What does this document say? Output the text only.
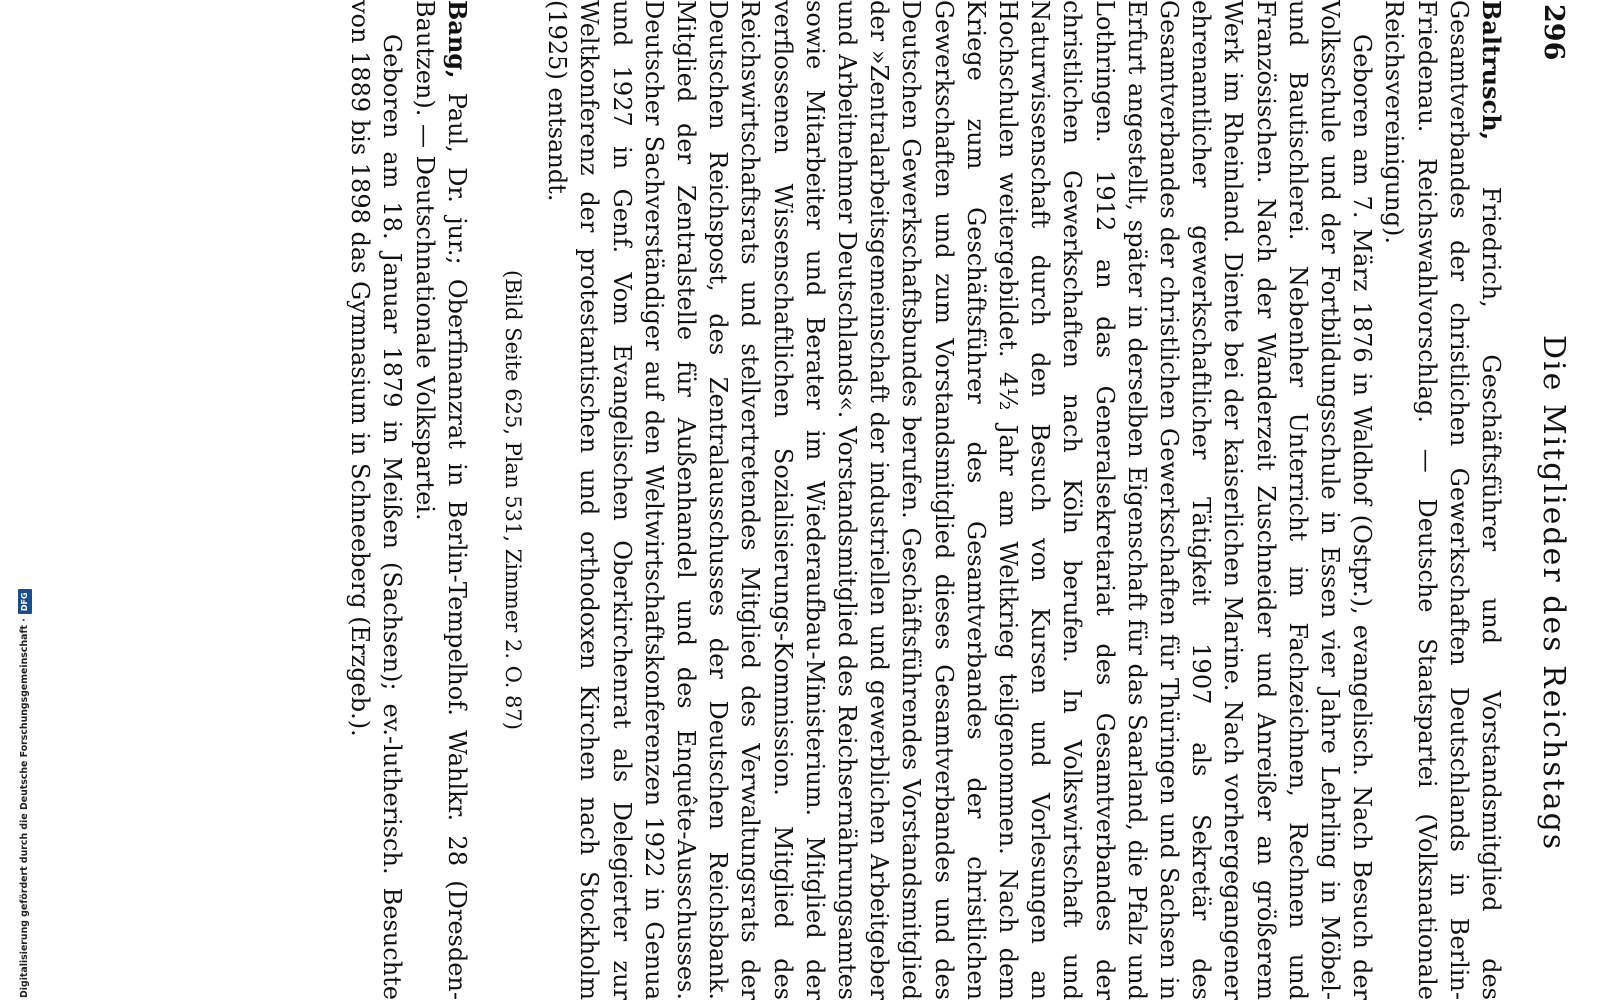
296
Die Mitglieder des Reichstags

Baltrusch, Friedrich, Geschäftsführer und Vorstandsmitglied des Gesamtverbandes der christlichen Gewerkschaften Deutschlands in Berlin-Friedenau. Reichswahlvorschlag. — Deutsche Staatspartei (Volksnationale Reichsvereinigung).

Geboren am 7. März 1876 in Waldhof (Ostpr.), evangelisch. Nach Besuch der Volksschule und der Fortbildungsschule in Essen vier Jahre Lehrling in Möbel- und Bautischlerei. Nebenher Unterricht im Fachzeichnen, Rechnen und Französischen. Nach der Wanderzeit Zuschneider und Anreißer an größerem Werk im Rheinland. Diente bei der kaiserlichen Marine. Nach vorhergegangener ehrenamtlicher gewerkschaftlicher Tätigkeit 1907 als Sekretär des Gesamtverbandes der christlichen Gewerkschaften für Thüringen und Sachsen in Erfurt angestellt, später in derselben Eigenschaft für das Saarland, die Pfalz und Lothringen. 1912 an das Generalsekretariat des Gesamtverbandes der christlichen Gewerkschaften nach Köln berufen. In Volkswirtschaft und Naturwissenschaft durch den Besuch von Kursen und Vorlesungen an Hochschulen weitergebildet. 4½ Jahr am Weltkrieg teilgenommen. Nach dem Kriege zum Geschäftsführer des Gesamtverbandes der christlichen Gewerkschaften und zum Vorstandsmitglied dieses Gesamtverbandes und des Deutschen Gewerkschaftsbundes berufen. Geschäftsführendes Vorstandsmitglied der »Zentralarbeitsgemeinschaft der industriellen und gewerblichen Arbeitgeber und Arbeitnehmer Deutschlands«. Vorstandsmitglied des Reichsernährungsamtes sowie Mitarbeiter und Berater im Wiederaufbau-Ministerium. Mitglied der verflossenen Wissenschaftlichen Sozialisierungs-Kommission. Mitglied des Reichswirtschaftsrats und stellvertretendes Mitglied des Verwaltungsrats der Deutschen Reichspost, des Zentralausschusses der Deutschen Reichsbank. Mitglied der Zentralstelle für Außenhandel und des Enquête-Ausschusses. Deutscher Sachverständiger auf den Weltwirtschaftskonferenzen 1922 in Genua und 1927 in Genf. Vom Evangelischen Oberkirchenrat als Delegierter zur Weltkonferenz der protestantischen und orthodoxen Kirchen nach Stockholm (1925) entsandt.

(Bild Seite 625, Plan 531, Zimmer 2. O. 87)

Bang, Paul, Dr. jur.; Oberfinanzrat in Berlin-Tempelhof. Wahlkr. 28 (Dresden-Bautzen). — Deutschnationale Volkspartei.

Geboren am 18. Januar 1879 in Meißen (Sachsen); ev.-lutherisch. Besuchte von 1889 bis 1898 das Gymnasium in Schneeberg (Erzgeb.).

Digitalisierung gefördert durch die Deutsche Forschungsgemeinschaft ·DFG
